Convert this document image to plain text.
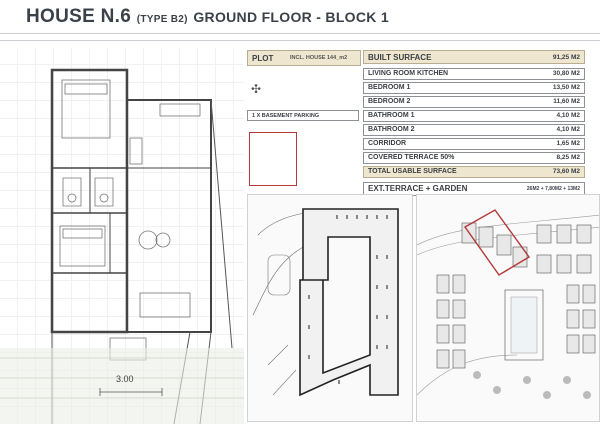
HOUSE N.6 (TYPE B2) GROUND FLOOR - BLOCK 1
3.00
PLOT	INCL. HOUSE 144_m2
✣
1 X BASEMENT PARKING
BUILT SURFACE	91,25 M2
LIVING ROOM KITCHEN	30,80 M2
BEDROOM 1	13,50 M2
BEDROOM 2	11,60 M2
BATHROOM 1	4,10 M2
BATHROOM 2	4,10 M2
CORRIDOR	1,65 M2
COVERED TERRACE 50%	8,25 M2
TOTAL USABLE SURFACE	73,60 M2
EXT.TERRACE + GARDEN	26M2 + 7,80M2 + 13M2
